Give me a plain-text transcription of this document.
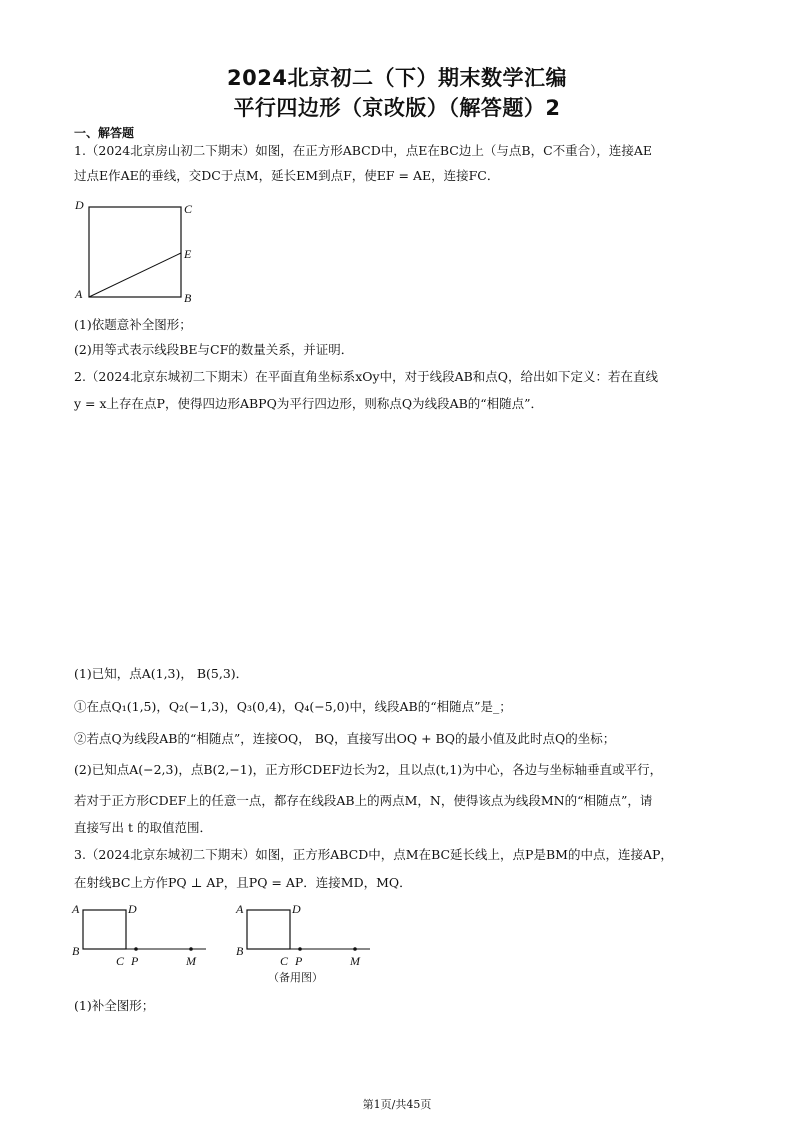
2024北京初二（下）期末数学汇编
平行四边形（京改版）（解答题）2
一、解答题
1.（2024北京房山初二下期末）如图，在正方形ABCD中，点E在BC边上（与点B，C不重合），连接AE
过点E作AE的垂线，交DC于点M，延长EM到点F，使EF = AE，连接FC．
D	C
E
A	B
(1)依题意补全图形；
(2)用等式表示线段BE与CF的数量关系，并证明．
2.（2024北京东城初二下期末）在平面直角坐标系xOy中，对于线段AB和点Q，给出如下定义：若在直线
y = x上存在点P，使得四边形ABPQ为平行四边形，则称点Q为线段AB的“相随点”．
(1)已知，点A(1,3)， B(5,3)．
①在点Q₁(1,5)，Q₂(−1,3)，Q₃(0,4)，Q₄(−5,0)中，线段AB的“相随点”是_；
②若点Q为线段AB的“相随点”，连接OQ， BQ，直接写出OQ + BQ的最小值及此时点Q的坐标；
(2)已知点A(−2,3)，点B(2,−1)，正方形CDEF边长为2，且以点(t,1)为中心，各边与坐标轴垂直或平行，
若对于正方形CDEF上的任意一点，都存在线段AB上的两点M，N，使得该点为线段MN的“相随点”，请
直接写出 t 的取值范围．
3.（2024北京东城初二下期末）如图，正方形ABCD中，点M在BC延长线上，点P是BM的中点，连接AP，
在射线BC上方作PQ ⊥ AP，且PQ = AP．连接MD，MQ．
A	D
B
C P	M
A	D
B
C P	M
（备用图）
(1)补全图形；
第1页/共45页
